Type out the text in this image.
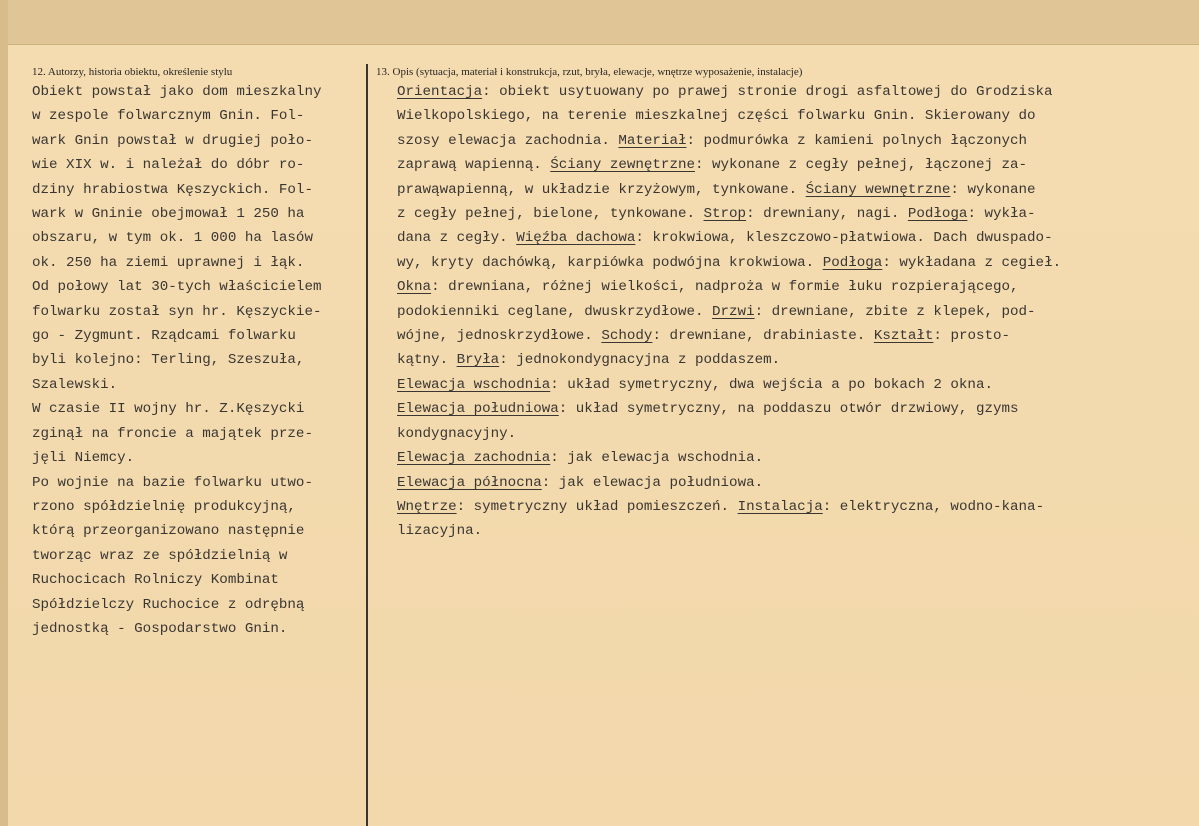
12. Autorzy, historia obiektu, określenie stylu	13. Opis (sytuacja, materiał i konstrukcja, rzut, bryła, elewacje, wnętrze wyposażenie, instalacje)
Obiekt powstał jako dom mieszkalny
w zespole folwarcznym Gnin. Fol-
wark Gnin powstał w drugiej poło-
wie XIX w. i należał do dóbr ro-
dziny hrabiostwa Kęszyckich. Fol-
wark w Gninie obejmował 1 250 ha
obszaru, w tym ok. 1 000 ha lasów
ok. 250 ha ziemi uprawnej i łąk.
Od połowy lat 30-tych właścicielem
folwarku został syn hr. Kęszyckie-
go - Zygmunt. Rządcami folwarku
byli kolejno: Terling, Szeszuła,
Szalewski.
W czasie II wojny hr. Z.Kęszycki
zginął na froncie a majątek prze-
jęli Niemcy.
Po wojnie na bazie folwarku utwo-
rzono spółdzielnię produkcyjną,
którą przeorganizowano następnie
tworząc wraz ze spółdzielnią w
Ruchocicach Rolniczy Kombinat
Spółdzielczy Ruchocice z odrębną
jednostką - Gospodarstwo Gnin.
Orientacja: obiekt usytuowany po prawej stronie drogi asfaltowej do Grodziska
Wielkopolskiego, na terenie mieszkalnej części folwarku Gnin. Skierowany do
szosy elewacja zachodnia. Materiał: podmurówka z kamieni polnych łączonych
zaprawą wapienną. Ściany zewnętrzne: wykonane z cegły pełnej, łączonej za-
prawąwapienną, w układzie krzyżowym, tynkowane. Ściany wewnętrzne: wykonane
z cegły pełnej, bielone, tynkowane. Strop: drewniany, nagi. Podłoga: wykła-
dana z cegły. Więźba dachowa: krokwiowa, kleszczowo-płatwiowa. Dach dwuspado-
wy, kryty dachówką, karpiówka podwójna krokwiowa. Podłoga: wykładana z cegieł.
Okna: drewniana, różnej wielkości, nadproża w formie łuku rozpierającego,
podokienniki ceglane, dwuskrzydłowe. Drzwi: drewniane, zbite z klepek, pod-
wójne, jednoskrzydłowe. Schody: drewniane, drabiniaste. Kształt: prosto-
kątny. Bryła: jednokondygnacyjna z poddaszem.
Elewacja wschodnia: układ symetryczny, dwa wejścia a po bokach 2 okna.
Elewacja południowa: układ symetryczny, na poddaszu otwór drzwiowy, gzyms
kondygnacyjny.
Elewacja zachodnia: jak elewacja wschodnia.
Elewacja północna: jak elewacja południowa.
Wnętrze: symetryczny układ pomieszczeń. Instalacja: elektryczna, wodno-kana-
lizacyjna.
